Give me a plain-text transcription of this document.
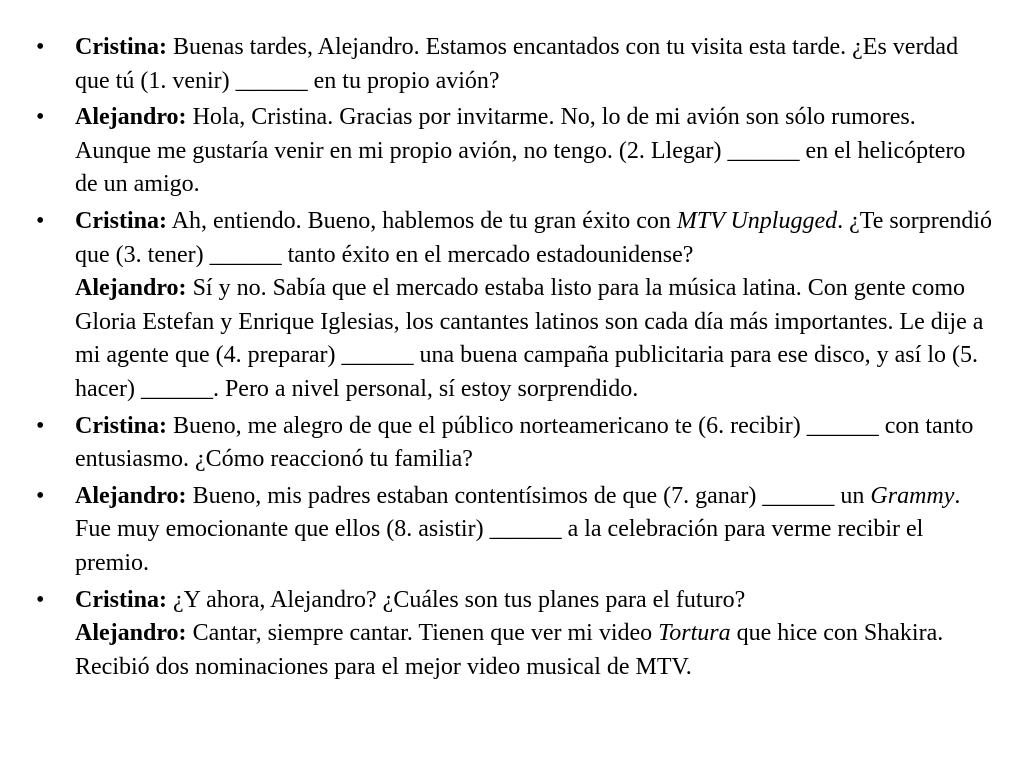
•	Cristina: Buenas tardes, Alejandro. Estamos encantados con tu visita esta tarde. ¿Es verdad que tú (1. venir) ______ en tu propio avión?
•	Alejandro: Hola, Cristina. Gracias por invitarme. No, lo de mi avión son sólo rumores. Aunque me gustaría venir en mi propio avión, no tengo. (2. Llegar) ______ en el helicóptero de un amigo.
•	Cristina: Ah, entiendo. Bueno, hablemos de tu gran éxito con MTV Unplugged. ¿Te sorprendió que (3. tener) ______ tanto éxito en el mercado estadounidense?
Alejandro: Sí y no. Sabía que el mercado estaba listo para la música latina. Con gente como Gloria Estefan y Enrique Iglesias, los cantantes latinos son cada día más importantes. Le dije a mi agente que (4. preparar) ______ una buena campaña publicitaria para ese disco, y así lo (5. hacer) ______. Pero a nivel personal, sí estoy sorprendido.
•	Cristina: Bueno, me alegro de que el público norteamericano te (6. recibir) ______ con tanto entusiasmo. ¿Cómo reaccionó tu familia?
•	Alejandro: Bueno, mis padres estaban contentísimos de que (7. ganar) ______ un Grammy. Fue muy emocionante que ellos (8. asistir) ______ a la celebración para verme recibir el premio.
•	Cristina: ¿Y ahora, Alejandro? ¿Cuáles son tus planes para el futuro?
Alejandro: Cantar, siempre cantar. Tienen que ver mi video Tortura que hice con Shakira. Recibió dos nominaciones para el mejor video musical de MTV.
